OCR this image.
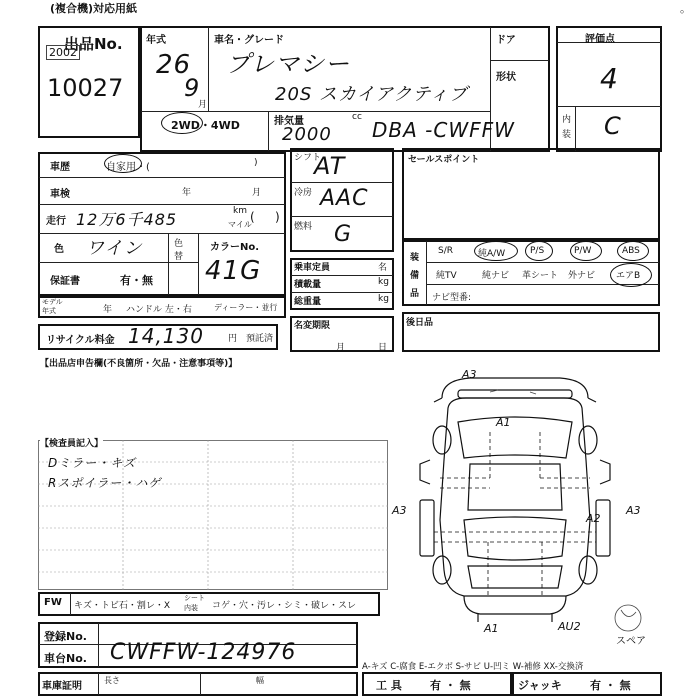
(複合機)対応用紙	。
出品No.
2002
10027
年式
26
9
月
車名・グレード
プレマシー
20S スカイアクティブ
ドア
形状
2WD・4WD	排気量	cc
2000 DBA -CWFFW
評価点
4
内
装 C
車歴	自家用・(	)
車検	年	月
走行 12万6千485	km
マイル
( )
色 ワイン	色
替
カラーNo.
41G
保証書	有・無
モデル
年式	年 ハンドル 左・右	ディーラー・並行
リサイクル料金 14,130	円 預託済
シフト
AT
冷房 AAC
燃料 G
乗車定員	名
積載量	kg
総重量	kg
名変期限
月	日
セールスポイント
装
備
品
S/R	純A/W	P/S	P/W	ABS
純TV	純ナビ 革シート 外ナビ エアB
ナビ型番:
後日品
【出品店申告欄(不良箇所・欠品・注意事項等)】
【検査員記入】
Dミラー・キズ
Rスポイラー・ハゲ
A3
A1
A3
A2
A3
A1	AU2
スペア
FW キズ・トビ石・割レ・X
シート
内装 コゲ・穴・汚レ・シミ・破レ・スレ
登録No.
車台No. CWFFW-124976
車庫証明
長さ	幅
A-キズ C-腐食 E-エクボ S-サビ U-凹ミ W-補修 XX-交換済
工 具	有 ・ 無	ジャッキ	有 ・ 無
